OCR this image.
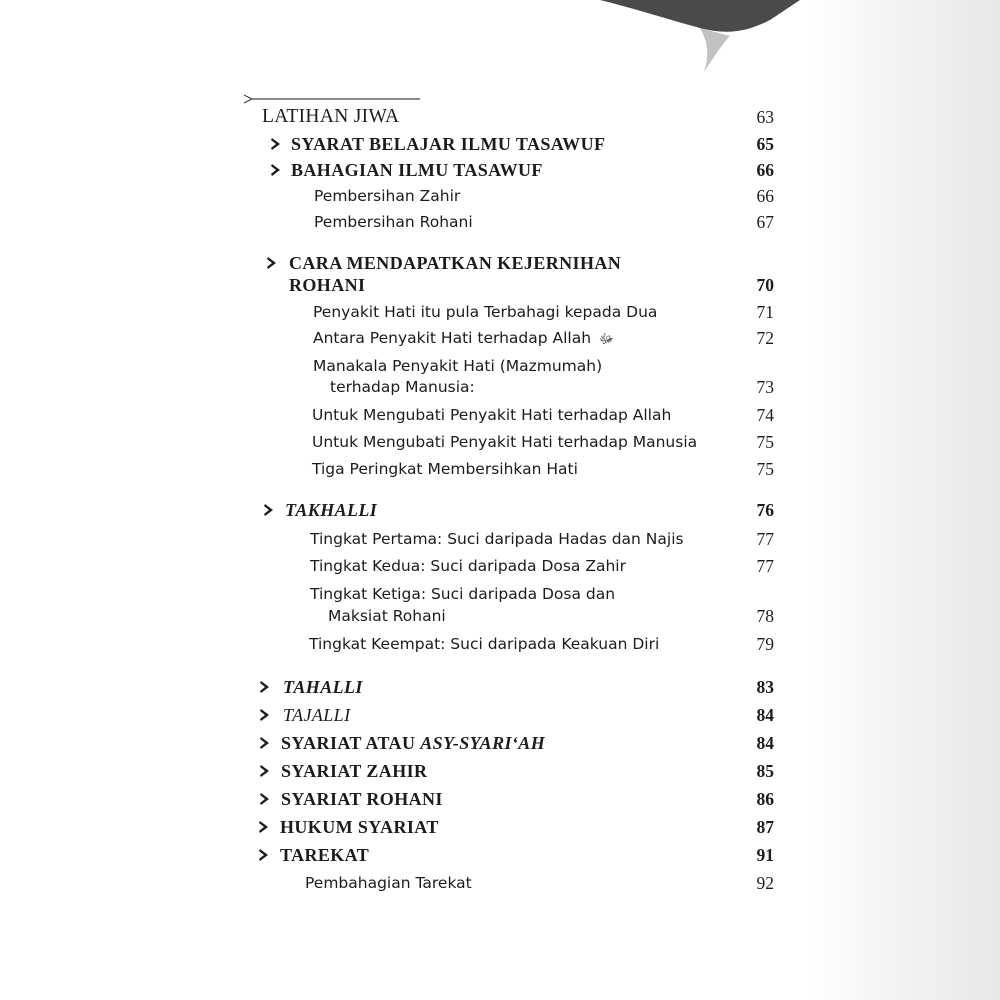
LATIHAN JIWA	63
SYARAT BELAJAR ILMU TASAWUF	65
BAHAGIAN ILMU TASAWUF	66
Pembersihan Zahir	66
Pembersihan Rohani	67
CARA MENDAPATKAN KEJERNIHAN
ROHANI	70
Penyakit Hati itu pula Terbahagi kepada Dua	71
Antara Penyakit Hati terhadap Allah ﷻ	72
Manakala Penyakit Hati (Mazmumah)
terhadap Manusia:	73
Untuk Mengubati Penyakit Hati terhadap Allah	74
Untuk Mengubati Penyakit Hati terhadap Manusia	75
Tiga Peringkat Membersihkan Hati	75
TAKHALLI	76
Tingkat Pertama: Suci daripada Hadas dan Najis	77
Tingkat Kedua: Suci daripada Dosa Zahir	77
Tingkat Ketiga: Suci daripada Dosa dan
Maksiat Rohani	78
Tingkat Keempat: Suci daripada Keakuan Diri	79
TAHALLI	83
TAJALLI	84
SYARIAT ATAU ASY-SYARI‘AH	84
SYARIAT ZAHIR	85
SYARIAT ROHANI	86
HUKUM SYARIAT	87
TAREKAT	91
Pembahagian Tarekat	92
